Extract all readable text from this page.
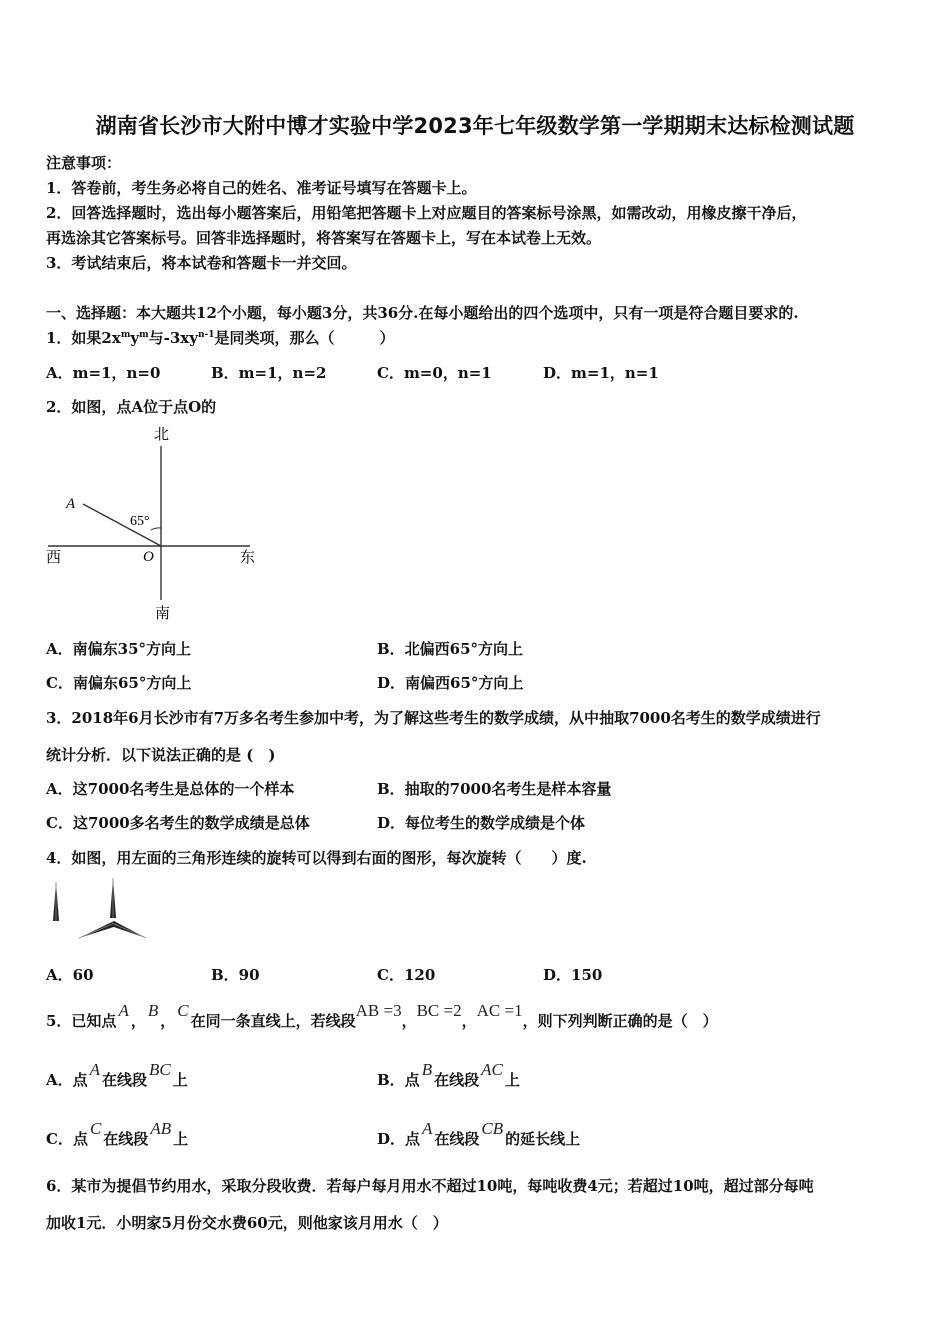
湖南省长沙市大附中博才实验中学2023年七年级数学第一学期期末达标检测试题
注意事项：
1．答卷前，考生务必将自己的姓名、准考证号填写在答题卡上。
2．回答选择题时，选出每小题答案后，用铅笔把答题卡上对应题目的答案标号涂黑，如需改动，用橡皮擦干净后，
再选涂其它答案标号。回答非选择题时，将答案写在答题卡上，写在本试卷上无效。
3．考试结束后，将本试卷和答题卡一并交回。
一、选择题：本大题共12个小题，每小题3分，共36分.在每小题给出的四个选项中，只有一项是符合题目要求的.
1．如果$2x^my^m$与$-3xy^{n-1}$是同类项，那么（　　　）
A．m=1，n=0	B．m=1，n=2	C．m=0，n=1	D．m=1，n=1
2．如图，点A位于点O的
北
南
西	东
A
O
65°
A．南偏东35°方向上	B．北偏西65°方向上
C．南偏东65°方向上	D．南偏西65°方向上
3．2018年6月长沙市有7万多名考生参加中考，为了解这些考生的数学成绩，从中抽取7000名考生的数学成绩进行
统计分析．以下说法正确的是 (　)
A．这7000名考生是总体的一个样本	B．抽取的7000名考生是样本容量
C．这7000多名考生的数学成绩是总体	D．每位考生的数学成绩是个体
4．如图，用左面的三角形连续的旋转可以得到右面的图形，每次旋转（　　）度.
A．60	B．90	C．120	D．150
5．已知点A，B，C在同一条直线上，若线段AB =3，BC =2，AC =1，则下列判断正确的是（　）
A．点A在线段BC上	B．点B在线段AC上
C．点C在线段AB上	D．点A在线段CB的延长线上
6．某市为提倡节约用水，采取分段收费．若每户每月用水不超过10吨，每吨收费4元；若超过10吨，超过部分每吨
加收1元．小明家5月份交水费60元，则他家该月用水（　）
